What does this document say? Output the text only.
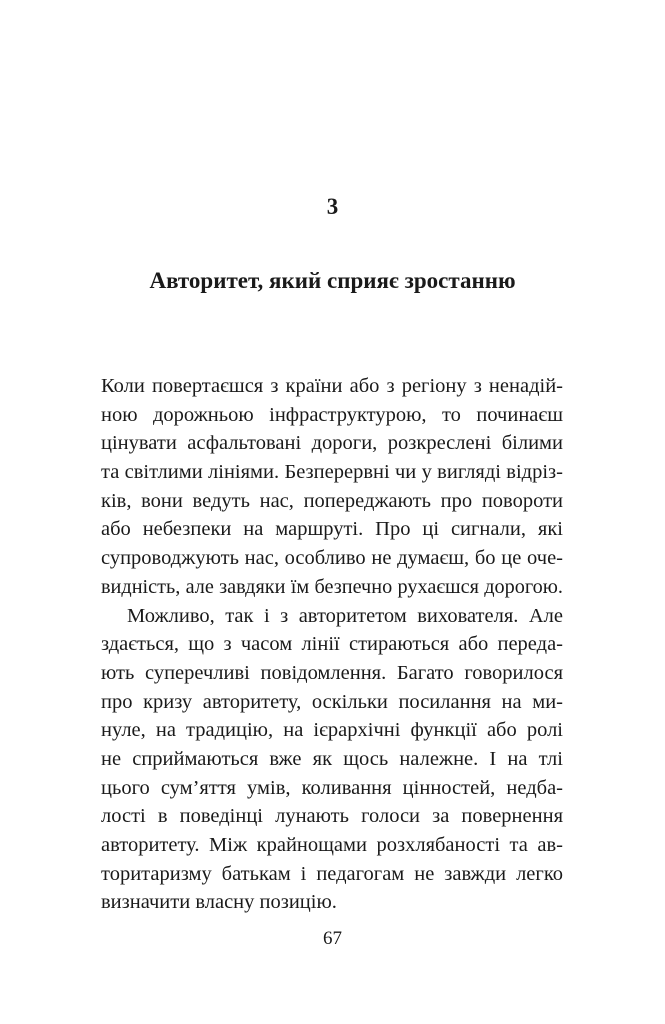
3
Авторитет, який сприяє зростанню
Коли повертаєшся з країни або з регіону з ненадій-
ною дорожньою інфраструктурою, то починаєш
цінувати асфальтовані дороги, розкреслені білими
та світлими лініями. Безперервні чи у вигляді відріз-
ків, вони ведуть нас, попереджають про повороти
або небезпеки на маршруті. Про ці сигнали, які
супроводжують нас, особливо не думаєш, бо це оче-
видність, але завдяки їм безпечно рухаєшся дорогою.
Можливо, так і з авторитетом вихователя. Але
здається, що з часом лінії стираються або переда-
ють суперечливі повідомлення. Багато говорилося
про кризу авторитету, оскільки посилання на ми-
нуле, на традицію, на ієрархічні функції або ролі
не сприймаються вже як щось належне. І на тлі
цього сум’яття умів, коливання цінностей, недба-
лості в поведінці лунають голоси за повернення
авторитету. Між крайнощами розхлябаності та ав-
торитаризму батькам і педагогам не завжди легко
визначити власну позицію.
67
